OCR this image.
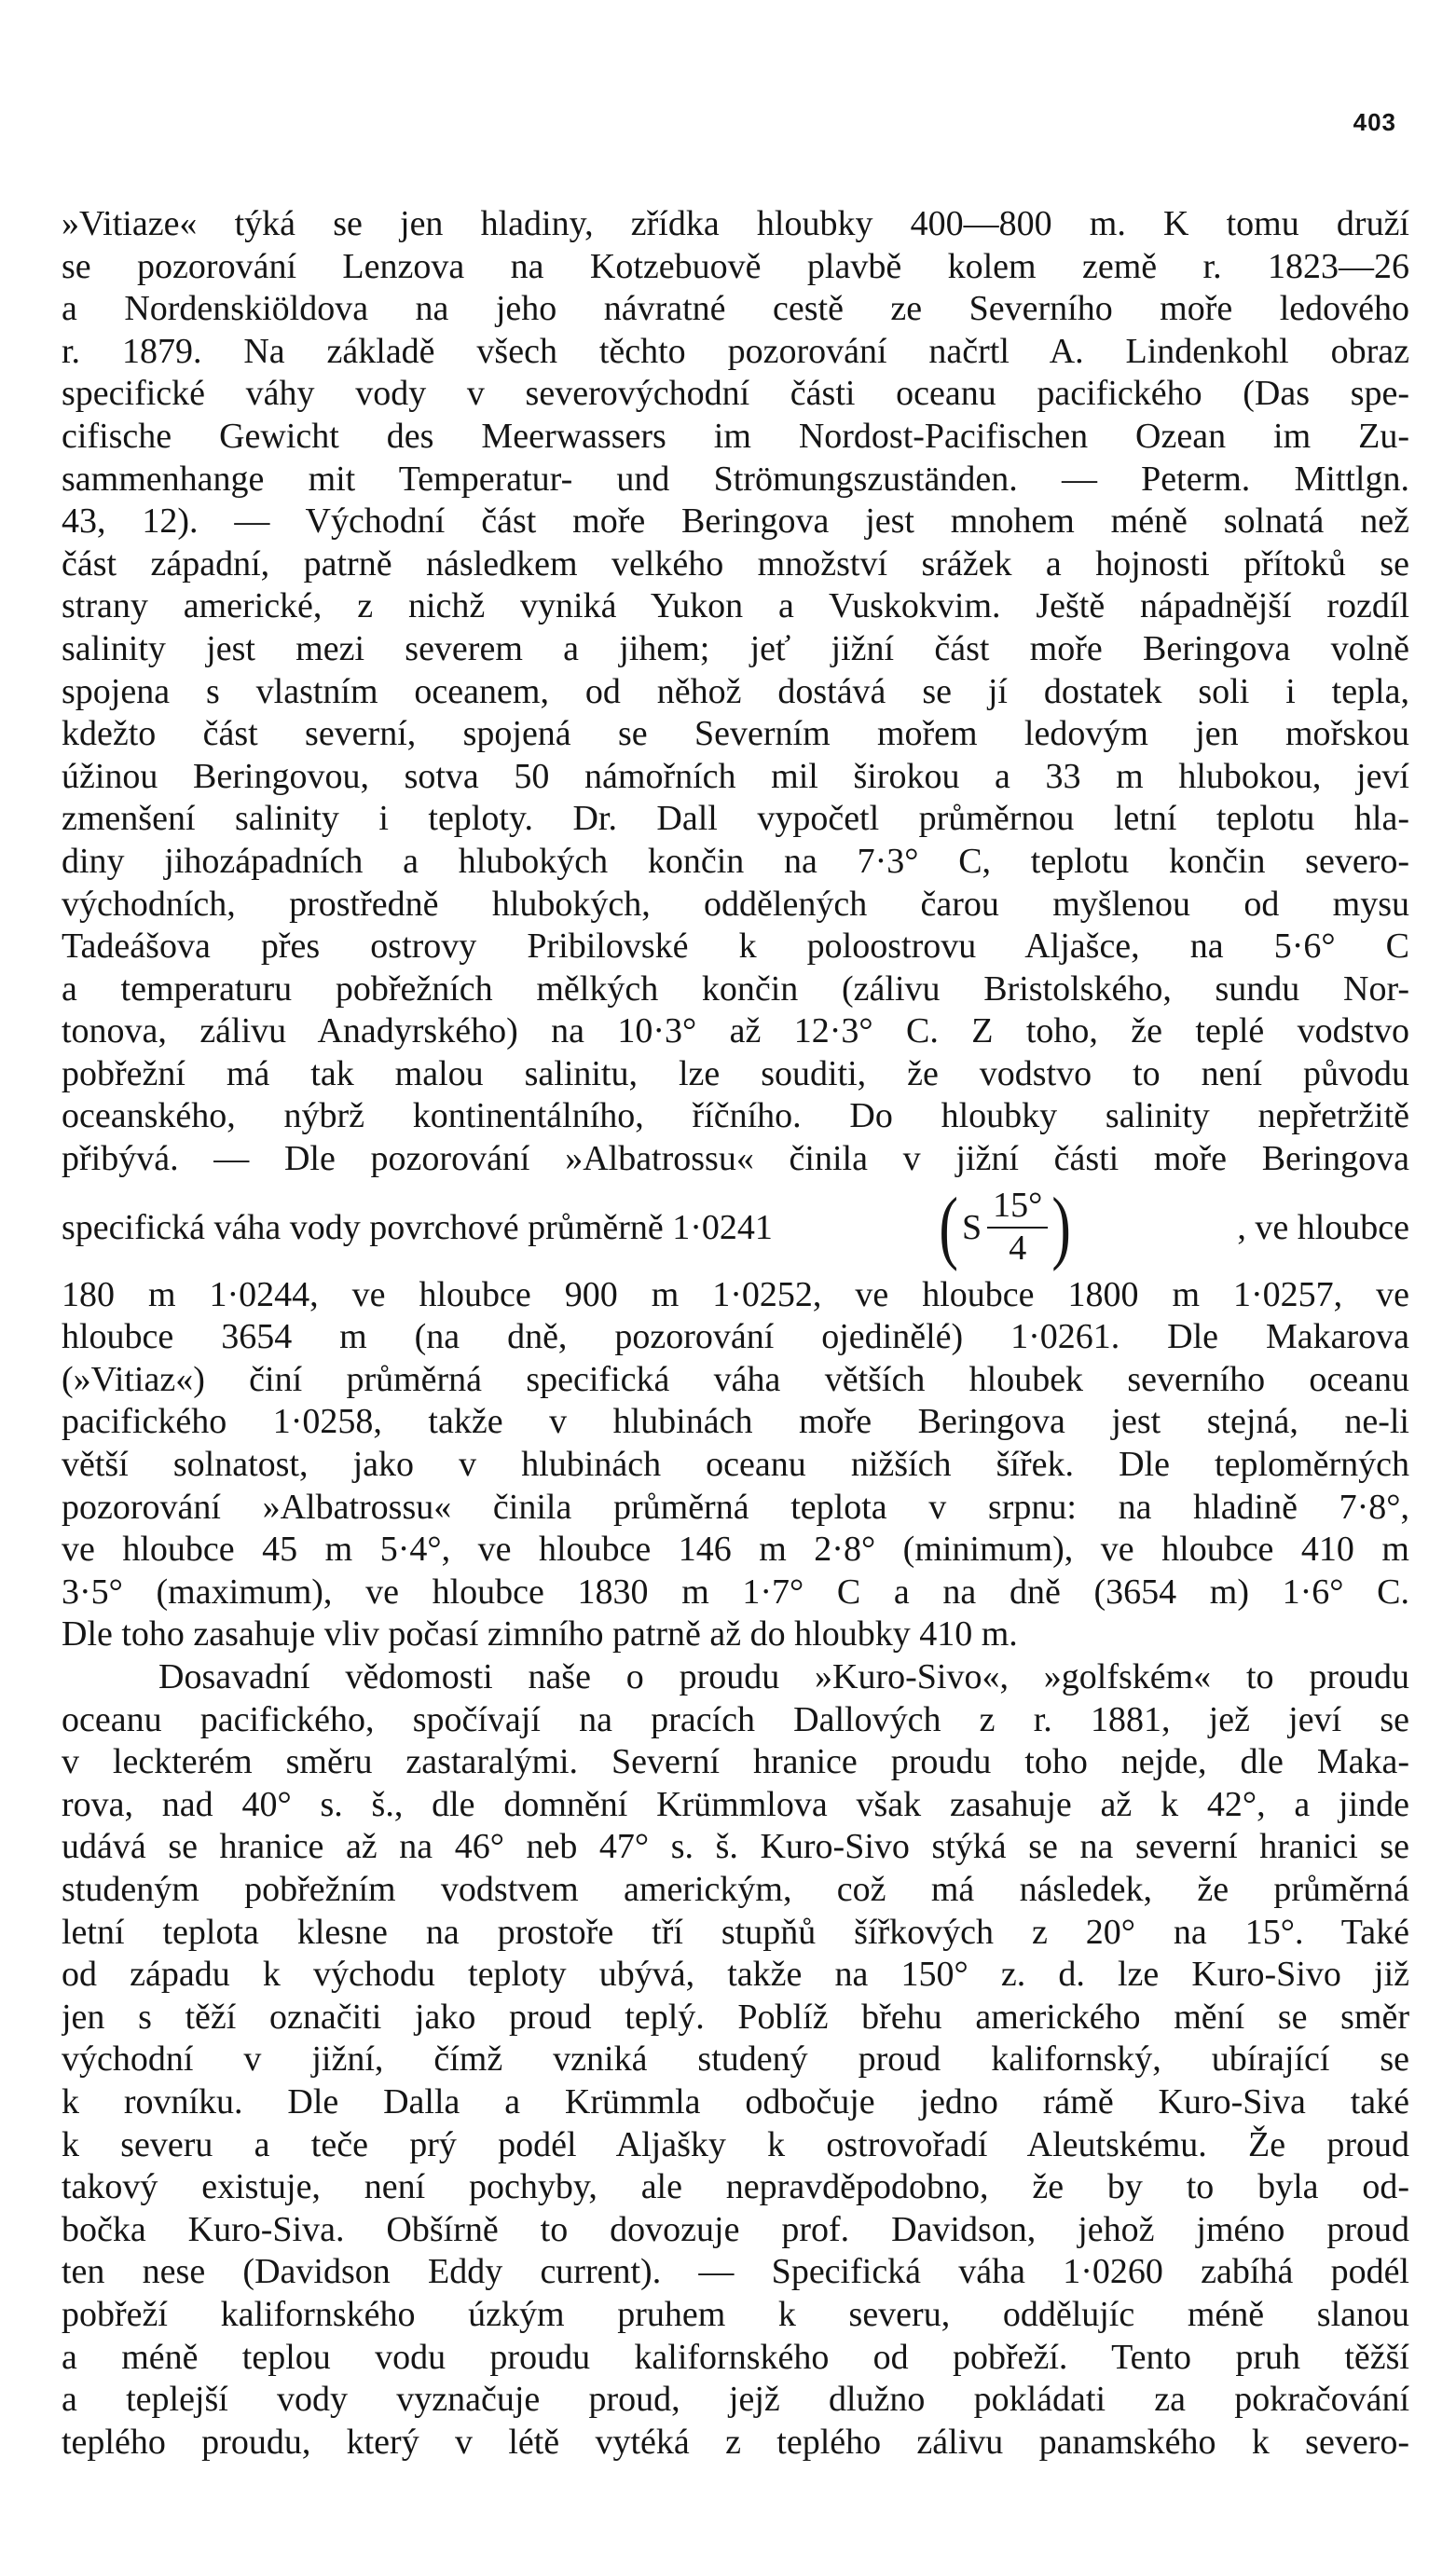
403
»Vitiaze« týká se jen hladiny, zřídka hloubky 400—800 m. K tomu druží
se pozorování Lenzova na Kotzebuově plavbě kolem země r. 1823—26
a Nordenskiöldova na jeho návratné cestě ze Severního moře ledového
r. 1879. Na základě všech těchto pozorování načrtl A. Lindenkohl obraz
specifické váhy vody v severovýchodní části oceanu pacifického (Das spe-
cifische Gewicht des Meerwassers im Nordost-Pacifischen Ozean im Zu-
sammenhange mit Temperatur- und Strömungszuständen. — Peterm. Mittlgn.
43, 12). — Východní část moře Beringova jest mnohem méně solnatá než
část západní, patrně následkem velkého množství srážek a hojnosti přítoků se
strany americké, z nichž vyniká Yukon a Vuskokvim. Ještě nápadnější rozdíl
salinity jest mezi severem a jihem; jeť jižní část moře Beringova volně
spojena s vlastním oceanem, od něhož dostává se jí dostatek soli i tepla,
kdežto část severní, spojená se Severním mořem ledovým jen mořskou
úžinou Beringovou, sotva 50 námořních mil širokou a 33 m hlubokou, jeví
zmenšení salinity i teploty. Dr. Dall vypočetl průměrnou letní teplotu hla-
diny jihozápadních a hlubokých končin na 7·3° C, teplotu končin severo-
východních, prostředně hlubokých, oddělených čarou myšlenou od mysu
Tadeášova přes ostrovy Pribilovské k poloostrovu Aljašce, na 5·6° C
a temperaturu pobřežních mělkých končin (zálivu Bristolského, sundu Nor-
tonova, zálivu Anadyrského) na 10·3° až 12·3° C. Z toho, že teplé vodstvo
pobřežní má tak malou salinitu, lze souditi, že vodstvo to není původu
oceanského, nýbrž kontinentálního, říčního. Do hloubky salinity nepřetržitě
přibývá. — Dle pozorování »Albatrossu« činila v jižní části moře Beringova
specifická váha vody povrchové průměrně 1·0241 ( S $\frac{15^\circ}{4}$ )	, ve hloubce
180 m 1·0244, ve hloubce 900 m 1·0252, ve hloubce 1800 m 1·0257, ve
hloubce 3654 m (na dně, pozorování ojedinělé) 1·0261. Dle Makarova
(»Vitiaz«) činí průměrná specifická váha větších hloubek severního oceanu
pacifického 1·0258, takže v hlubinách moře Beringova jest stejná, ne-li
větší solnatost, jako v hlubinách oceanu nižších šířek. Dle teploměrných
pozorování »Albatrossu« činila průměrná teplota v srpnu: na hladině 7·8°,
ve hloubce 45 m 5·4°, ve hloubce 146 m 2·8° (minimum), ve hloubce 410 m
3·5° (maximum), ve hloubce 1830 m 1·7° C a na dně (3654 m) 1·6° C.
Dle toho zasahuje vliv počasí zimního patrně až do hloubky 410 m.
Dosavadní vědomosti naše o proudu »Kuro-Sivo«, »golfském« to proudu
oceanu pacifického, spočívají na pracích Dallových z r. 1881, jež jeví se
v leckterém směru zastaralými. Severní hranice proudu toho nejde, dle Maka-
rova, nad 40° s. š., dle domnění Krümmlova však zasahuje až k 42°, a jinde
udává se hranice až na 46° neb 47° s. š. Kuro-Sivo stýká se na severní hranici se
studeným pobřežním vodstvem americkým, což má následek, že průměrná
letní teplota klesne na prostoře tří stupňů šířkových z 20° na 15°. Také
od západu k východu teploty ubývá, takže na 150° z. d. lze Kuro-Sivo již
jen s těží označiti jako proud teplý. Poblíž břehu amerického mění se směr
východní v jižní, čímž vzniká studený proud kalifornský, ubírající se
k rovníku. Dle Dalla a Krümmla odbočuje jedno rámě Kuro-Siva také
k severu a teče prý podél Aljašky k ostrovořadí Aleutskému. Že proud
takový existuje, není pochyby, ale nepravděpodobno, že by to byla od-
bočka Kuro-Siva. Obšírně to dovozuje prof. Davidson, jehož jméno proud
ten nese (Davidson Eddy current). — Specifická váha 1·0260 zabíhá podél
pobřeží kalifornského úzkým pruhem k severu, oddělujíc méně slanou
a méně teplou vodu proudu kalifornského od pobřeží. Tento pruh těžší
a teplejší vody vyznačuje proud, jejž dlužno pokládati za pokračování
teplého proudu, který v létě vytéká z teplého zálivu panamského k severo-
